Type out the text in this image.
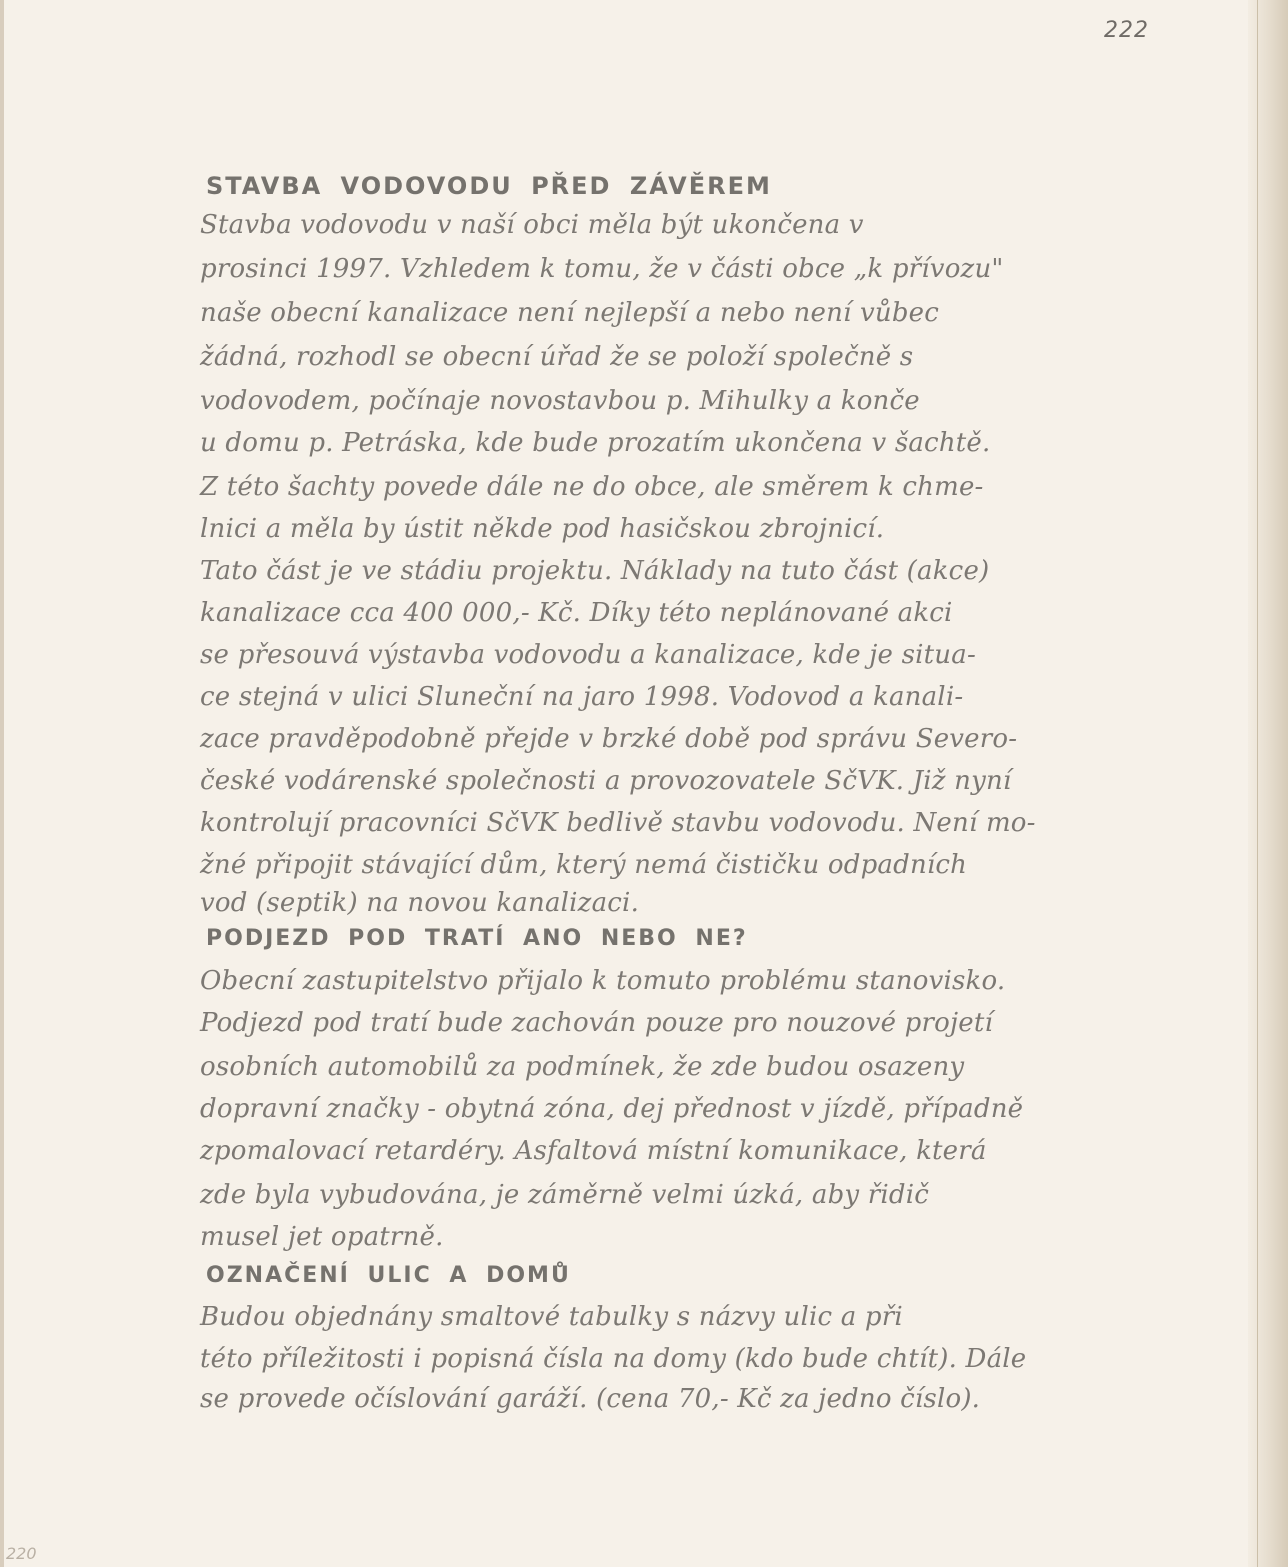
222
STAVBA VODOVODU PŘED ZÁVĚREM
Stavba vodovodu v naší obci měla být ukončena v
prosinci 1997. Vzhledem k tomu, že v části obce „k přívozu"
naše obecní kanalizace není nejlepší a nebo není vůbec
žádná, rozhodl se obecní úřad že se položí společně s
vodovodem, počínaje novostavbou p. Mihulky a konče
u domu p. Petráska, kde bude prozatím ukončena v šachtě.
Z této šachty povede dále ne do obce, ale směrem k chme-
lnici a měla by ústit někde pod hasičskou zbrojnicí.
Tato část je ve stádiu projektu. Náklady na tuto část (akce)
kanalizace cca 400 000,- Kč. Díky této neplánované akci
se přesouvá výstavba vodovodu a kanalizace, kde je situa-
ce stejná v ulici Sluneční na jaro 1998. Vodovod a kanali-
zace pravděpodobně přejde v brzké době pod správu Severo-
české vodárenské společnosti a provozovatele SčVK. Již nyní
kontrolují pracovníci SčVK bedlivě stavbu vodovodu. Není mo-
žné připojit stávající dům, který nemá čističku odpadních
vod (septik) na novou kanalizaci.
PODJEZD POD TRATÍ ANO NEBO NE?
Obecní zastupitelstvo přijalo k tomuto problému stanovisko.
Podjezd pod tratí bude zachován pouze pro nouzové projetí
osobních automobilů za podmínek, že zde budou osazeny
dopravní značky - obytná zóna, dej přednost v jízdě, případně
zpomalovací retardéry. Asfaltová místní komunikace, která
zde byla vybudována, je záměrně velmi úzká, aby řidič
musel jet opatrně.
OZNAČENÍ ULIC A DOMŮ
Budou objednány smaltové tabulky s názvy ulic a při
této příležitosti i popisná čísla na domy (kdo bude chtít). Dále
se provede očíslování garáží. (cena 70,- Kč za jedno číslo).
220
